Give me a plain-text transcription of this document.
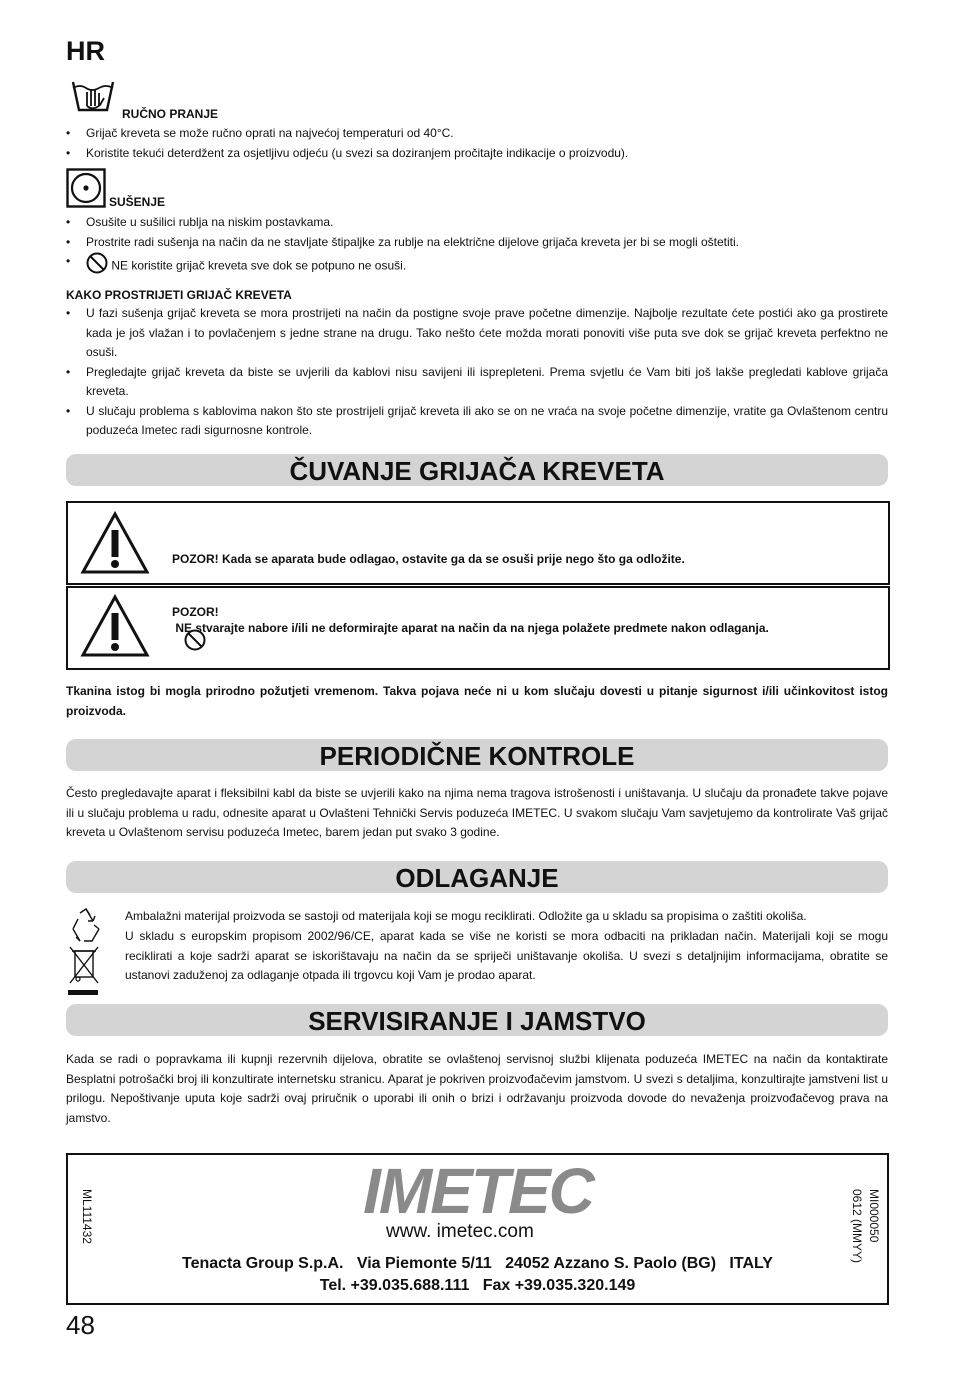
HR
RUČNO PRANJE
• Grijač kreveta se može ručno oprati na najvećoj temperaturi od 40°C.
• Koristite tekući deterdžent za osjetljivu odjeću (u svezi sa doziranjem pročitajte indikacije o proizvodu).
SUŠENJE
• Osušite u sušilici rublja na niskim postavkama.
• Prostrite radi sušenja na način da ne stavljate štipaljke za rublje na električne dijelove grijača kreveta jer bi se mogli oštetiti.
• NE koristite grijač kreveta sve dok se potpuno ne osuši.
KAKO PROSTRIJETI GRIJAČ KREVETA
• U fazi sušenja grijač kreveta se mora prostrijeti na način da postigne svoje prave početne dimenzije. Najbolje rezultate ćete postići ako ga prostirete kada je još vlažan i to povlačenjem s jedne strane na drugu. Tako nešto ćete možda morati ponoviti više puta sve dok se grijač kreveta perfektno ne osuši.
• Pregledajte grijač kreveta da biste se uvjerili da kablovi nisu savijeni ili isprepleteni. Prema svjetlu će Vam biti još lakše pregledati kablove grijača kreveta.
• U slučaju problema s kablovima nakon što ste prostrijeli grijač kreveta ili ako se on ne vraća na svoje početne dimenzije, vratite ga Ovlaštenom centru poduzeća Imetec radi sigurnosne kontrole.
ČUVANJE GRIJAČA KREVETA
POZOR! Kada se aparata bude odlagao, ostavite ga da se osuši prije nego što ga odložite.
POZOR!
NE stvarajte nabore i/ili ne deformirajte aparat na način da na njega polažete predmete nakon odlaganja.

Tkanina istog bi mogla prirodno požutjeti vremenom. Takva pojava neće ni u kom slučaju dovesti u pitanje sigurnost i/ili učinkovitost istog proizvoda.

PERIODIČNE KONTROLE

Često pregledavajte aparat i fleksibilni kabl da biste se uvjerili kako na njima nema tragova istrošenosti i uništavanja. U slučaju da pronađete takve pojave ili u slučaju problema u radu, odnesite aparat u Ovlašteni Tehnički Servis poduzeća IMETEC. U svakom slučaju Vam savjetujemo da kontrolirate Vaš grijač kreveta u Ovlaštenom servisu poduzeća Imetec, barem jedan put svako 3 godine.

ODLAGANJE

Ambalažni materijal proizvoda se sastoji od materijala koji se mogu reciklirati. Odložite ga u skladu sa propisima o zaštiti okoliša.

U skladu s europskim propisom 2002/96/CE, aparat kada se više ne koristi se mora odbaciti na prikladan način. Materijali koji se mogu reciklirati a koje sadrži aparat se iskorištavaju na način da se spriječi uništavanje okoliša. U svezi s detaljnijim informacijama, obratite se ustanovi zaduženoj za odlaganje otpada ili trgovcu koji Vam je prodao aparat.

SERVISIRANJE I JAMSTVO

Kada se radi o popravkama ili kupnji rezervnih dijelova, obratite se ovlaštenoj servisnoj službi klijenata poduzeća IMETEC na način da kontaktirate Besplatni potrošački broj ili konzultirate internetsku stranicu. Aparat je pokriven proizvođačevim jamstvom. U svezi s detaljima, konzultirajte jamstveni list u prilogu. Nepoštivanje uputa koje sadrži ovaj priručnik o uporabi ili onih o brizi i održavanju proizvoda dovode do nevaženja proizvođačevog prava na jamstvo.

ML111432	MI000050
0612 (MMYY)
IMETEC
www. imetec.com
Tenacta Group S.p.A.   Via Piemonte 5/11   24052 Azzano S. Paolo (BG)   ITALY
Tel. +39.035.688.111   Fax +39.035.320.149
48
